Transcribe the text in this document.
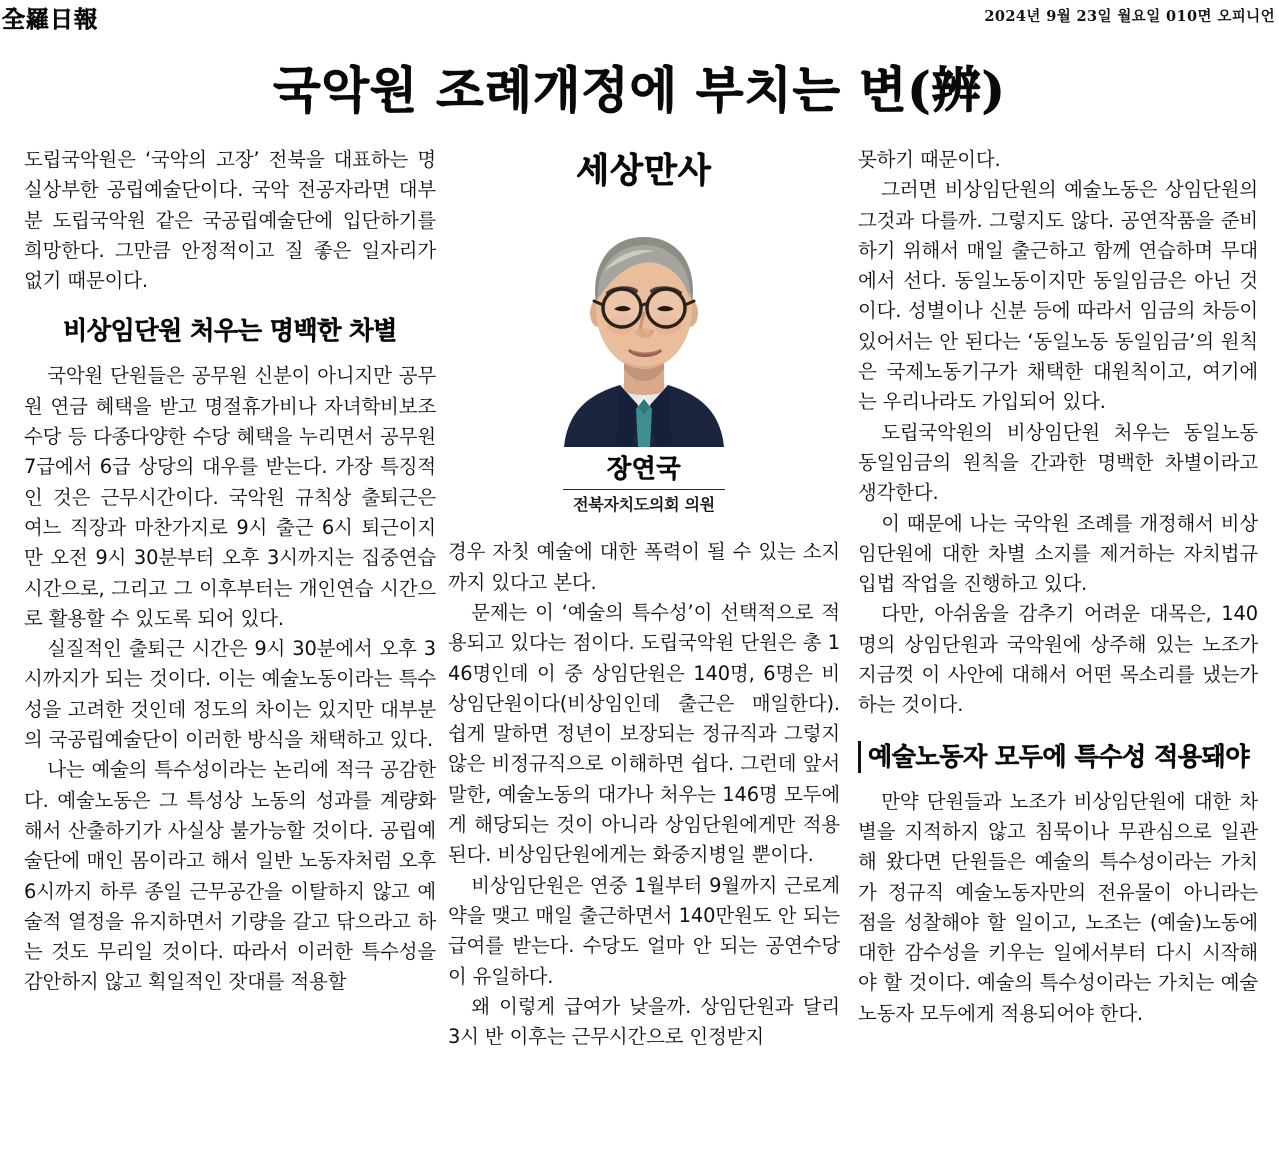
全羅日報	2024년 9월 23일 월요일 010면 오피니언
국악원 조례개정에 부치는 변(辨)

도립국악원은 ‘국악의 고장’ 전북을 대표하는 명실상부한 공립예술단이다. 국악 전공자라면 대부분 도립국악원 같은 국공립예술단에 입단하기를 희망한다. 그만큼 안정적이고 질 좋은 일자리가 없기 때문이다.

비상임단원 처우는 명백한 차별

국악원 단원들은 공무원 신분이 아니지만 공무원 연금 혜택을 받고 명절휴가비나 자녀학비보조수당 등 다종다양한 수당 혜택을 누리면서 공무원 7급에서 6급 상당의 대우를 받는다. 가장 특징적인 것은 근무시간이다. 국악원 규칙상 출퇴근은 여느 직장과 마찬가지로 9시 출근 6시 퇴근이지만 오전 9시 30분부터 오후 3시까지는 집중연습시간으로, 그리고 그 이후부터는 개인연습 시간으로 활용할 수 있도록 되어 있다.

실질적인 출퇴근 시간은 9시 30분에서 오후 3시까지가 되는 것이다. 이는 예술노동이라는 특수성을 고려한 것인데 정도의 차이는 있지만 대부분의 국공립예술단이 이러한 방식을 채택하고 있다.

나는 예술의 특수성이라는 논리에 적극 공감한다. 예술노동은 그 특성상 노동의 성과를 계량화해서 산출하기가 사실상 불가능할 것이다. 공립예술단에 매인 몸이라고 해서 일반 노동자처럼 오후 6시까지 하루 종일 근무공간을 이탈하지 않고 예술적 열정을 유지하면서 기량을 갈고 닦으라고 하는 것도 무리일 것이다. 따라서 이러한 특수성을 감안하지 않고 획일적인 잣대를 적용할

세상만사
장연국
전북자치도의회 의원

경우 자칫 예술에 대한 폭력이 될 수 있는 소지까지 있다고 본다.

문제는 이 ‘예술의 특수성’이 선택적으로 적용되고 있다는 점이다. 도립국악원 단원은 총 146명인데 이 중 상임단원은 140명, 6명은 비상임단원이다(비상임인데 출근은 매일한다). 쉽게 말하면 정년이 보장되는 정규직과 그렇지 않은 비정규직으로 이해하면 쉽다. 그런데 앞서 말한, 예술노동의 대가나 처우는 146명 모두에게 해당되는 것이 아니라 상임단원에게만 적용된다. 비상임단원에게는 화중지병일 뿐이다.

비상임단원은 연중 1월부터 9월까지 근로계약을 맺고 매일 출근하면서 140만원도 안 되는 급여를 받는다. 수당도 얼마 안 되는 공연수당이 유일하다.

왜 이렇게 급여가 낮을까. 상임단원과 달리 3시 반 이후는 근무시간으로 인정받지

못하기 때문이다.

그러면 비상임단원의 예술노동은 상임단원의 그것과 다를까. 그렇지도 않다. 공연작품을 준비하기 위해서 매일 출근하고 함께 연습하며 무대에서 선다. 동일노동이지만 동일임금은 아닌 것이다. 성별이나 신분 등에 따라서 임금의 차등이 있어서는 안 된다는 ‘동일노동 동일임금’의 원칙은 국제노동기구가 채택한 대원칙이고, 여기에는 우리나라도 가입되어 있다.

도립국악원의 비상임단원 처우는 동일노동 동일임금의 원칙을 간과한 명백한 차별이라고 생각한다.

이 때문에 나는 국악원 조례를 개정해서 비상임단원에 대한 차별 소지를 제거하는 자치법규 입법 작업을 진행하고 있다.

다만, 아쉬움을 감추기 어려운 대목은, 140명의 상임단원과 국악원에 상주해 있는 노조가 지금껏 이 사안에 대해서 어떤 목소리를 냈는가 하는 것이다.

예술노동자 모두에 특수성 적용돼야

만약 단원들과 노조가 비상임단원에 대한 차별을 지적하지 않고 침묵이나 무관심으로 일관해 왔다면 단원들은 예술의 특수성이라는 가치가 정규직 예술노동자만의 전유물이 아니라는 점을 성찰해야 할 일이고, 노조는 (예술)노동에 대한 감수성을 키우는 일에서부터 다시 시작해야 할 것이다. 예술의 특수성이라는 가치는 예술노동자 모두에게 적용되어야 한다.
